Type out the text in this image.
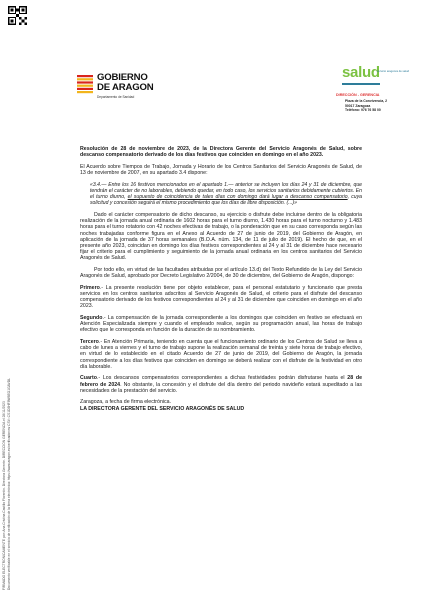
FIRMADO ELECTRÓNICAMENTE por: Ana Cristina Castillo Florentin. Directora Gerente. DIRECCIÓN GERENCIA el 28/11/2023 Documento verificable en el servicio de verificación de la firma electrónica: https://www.aragon.es/verificadorcsv CSV: CS1D3HF8W8EG1GAVDL
GOBIERNO
DE ARAGON
Departamento de Sanidad
salud
servicio aragonés de salud
DIRECCIÓN - GERENCIA
Plaza de la Convivencia, 2
50017 Zaragoza
Teléfono: 976 76 58 00

Resolución de 28 de noviembre de 2023, de la Directora Gerente del Servicio Aragonés de Salud, sobre descanso compensatorio derivado de los días festivos que coinciden en domingo en el año 2023.

El Acuerdo sobre Tiempos de Trabajo, Jornada y Horario de los Centros Sanitarios del Servicio Aragonés de Salud, de 13 de noviembre de 2007, en su apartado 3.4 dispone:

«3.4.— Entre los 16 festivos mencionados en el apartado 1.— anterior se incluyen los días 24 y 31 de diciembre, que tendrán el carácter de no laborables, debiendo quedar, en todo caso, los servicios sanitarios debidamente cubiertos. En el turno diurno, el supuesto de coincidencia de tales días con domingo dará lugar a descanso compensatorio, cuya solicitud y concesión seguirá el mismo procedimiento que los días de libre disposición. (...)»

Dado el carácter compensatorio de dicho descanso, su ejercicio o disfrute debe incluirse dentro de la obligatoria realización de la jornada anual ordinaria de 1602 horas para el turno diurno, 1.430 horas para el turno nocturno y 1.483 horas para el turno rotatorio con 42 noches efectivas de trabajo, o la ponderación que en su caso corresponda según las noches trabajadas conforme figura en el Anexo al Acuerdo de 27 de junio de 2019, del Gobierno de Aragón, en aplicación de la jornada de 37 horas semanales (B.O.A. núm. 134, de 11 de julio de 2019). El hecho de que, en el presente año 2023, coincidan en domingo los días festivos correspondientes al 24 y al 31 de diciembre hace necesario fijar el criterio para el cumplimiento y seguimiento de la jornada anual ordinaria en los centros sanitarios del Servicio Aragonés de Salud.

Por todo ello, en virtud de las facultades atribuidas por el artículo 13.d) del Texto Refundido de la Ley del Servicio Aragonés de Salud, aprobado por Decreto Legislativo 2/2004, de 30 de diciembre, del Gobierno de Aragón, dispongo:

Primero.- La presente resolución tiene por objeto establecer, para el personal estatutario y funcionario que presta servicios en los centros sanitarios adscritos al Servicio Aragonés de Salud, el criterio para el disfrute del descanso compensatorio derivado de los festivos correspondientes al 24 y al 31 de diciembre que coinciden en domingo en el año 2023.

Segundo.- La compensación de la jornada correspondiente a los domingos que coinciden en festivo se efectuará en Atención Especializada siempre y cuando el empleado realice, según su programación anual, las horas de trabajo efectivo que le corresponda en función de la duración de su nombramiento.

Tercero.- En Atención Primaria, teniendo en cuenta que el funcionamiento ordinario de los Centros de Salud se lleva a cabo de lunes a viernes y el turno de trabajo supone la realización semanal de treinta y siete horas de trabajo efectivo, en virtud de lo establecido en el citado Acuerdo de 27 de junio de 2019, del Gobierno de Aragón, la jornada correspondiente a los días festivos que coinciden en domingo se deberá realizar con el disfrute de la festividad en otro día laborable.

Cuarto.- Los descansos compensatorios correspondientes a dichas festividades podrán disfrutarse hasta el 28 de febrero de 2024. No obstante, la concesión y el disfrute del día dentro del periodo navideño estará supeditado a las necesidades de la prestación del servicio.

Zaragoza, a fecha de firma electrónica.

LA DIRECTORA GERENTE DEL SERVICIO ARAGONÉS DE SALUD
